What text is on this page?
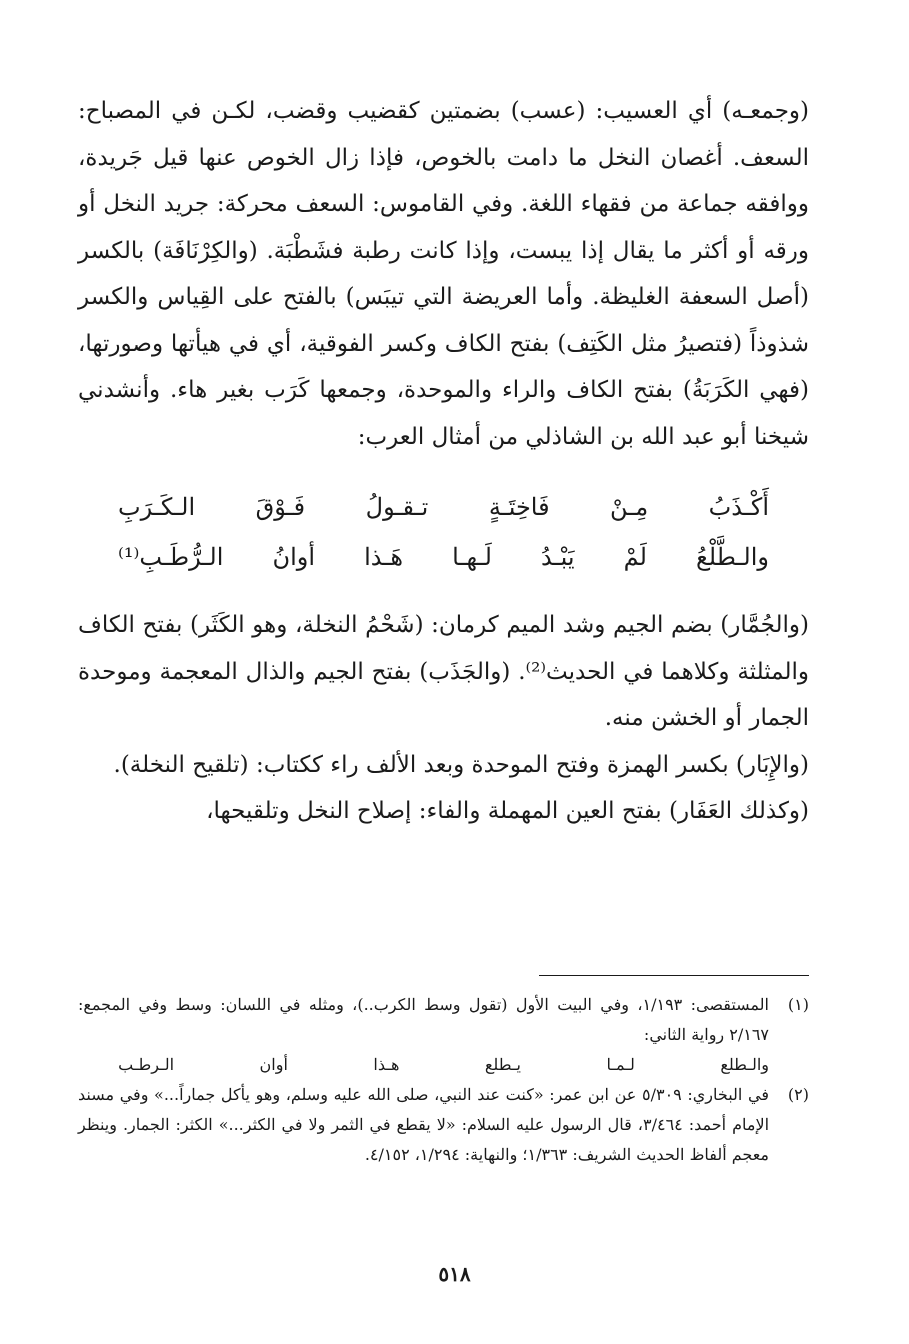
(وجمعـه) أي العسيب: (عسب) بضمتين كقضيب وقضب، لكـن في المصباح: السعف. أغصان النخل ما دامت بالخوص، فإذا زال الخوص عنها قيل جَريدة، ووافقه جماعة من فقهاء اللغة. وفي القاموس: السعف محركة: جريد النخل أو ورقه أو أكثر ما يقال إذا يبست، وإذا كانت رطبة فشَطْبَة. (والكِرْنَافَة) بالكسر (أصل السعفة الغليظة. وأما العريضة التي تيبَس) بالفتح على القِياس والكسر شذوذاً (فتصيرُ مثل الكَتِف) بفتح الكاف وكسر الفوقية، أي في هيأتها وصورتها، (فهي الكَرَبَةُ) بفتح الكاف والراء والموحدة، وجمعها كَرَب بغير هاء. وأنشدني شيخنا أبو عبد الله بن الشاذلي من أمثال العرب:

أَكْـذَبُ
مِـنْ
فَاخِتَـةٍ
تـقـولُ
فَـوْقَ
الـكَـرَبِ
والـطَّلْعُ
لَمْ
يَبْـدُ
لَـهـا
هَـذا
أوانُ
الـرُّطَـبِ⁽¹⁾

(والجُمَّار) بضم الجيم وشد الميم كرمان: (شَحْمُ النخلة، وهو الكَثَر) بفتح الكاف والمثلثة وكلاهما في الحديث⁽²⁾. (والجَذَب) بفتح الجيم والذال المعجمة وموحدة الجمار أو الخشن منه.

(والإِبَار) بكسر الهمزة وفتح الموحدة وبعد الألف راء ككتاب: (تلقيح النخلة).

(وكذلك العَفَار) بفتح العين المهملة والفاء: إصلاح النخل وتلقيحها،

(١)

المستقصى: ١/١٩٣، وفي البيت الأول (تقول وسط الكرب..)، ومثله في اللسان: وسط وفي المجمع: ٢/١٦٧ رواية الثاني:

والـطلع
لـمـا
يـطلع
هـذا
أوان
الـرطـب
(٢)

في البخاري: ٥/٣٠٩ عن ابن عمر: «كنت عند النبي، صلى الله عليه وسلم، وهو يأكل جماراً...» وفي مسند الإمام أحمد: ٣/٤٦٤، قال الرسول عليه السلام: «لا يقطع في الثمر ولا في الكثر...» الكثر: الجمار. وينظر معجم ألفاظ الحديث الشريف: ١/٣٦٣؛ والنهاية: ١/٢٩٤، ٤/١٥٢.

٥١٨
